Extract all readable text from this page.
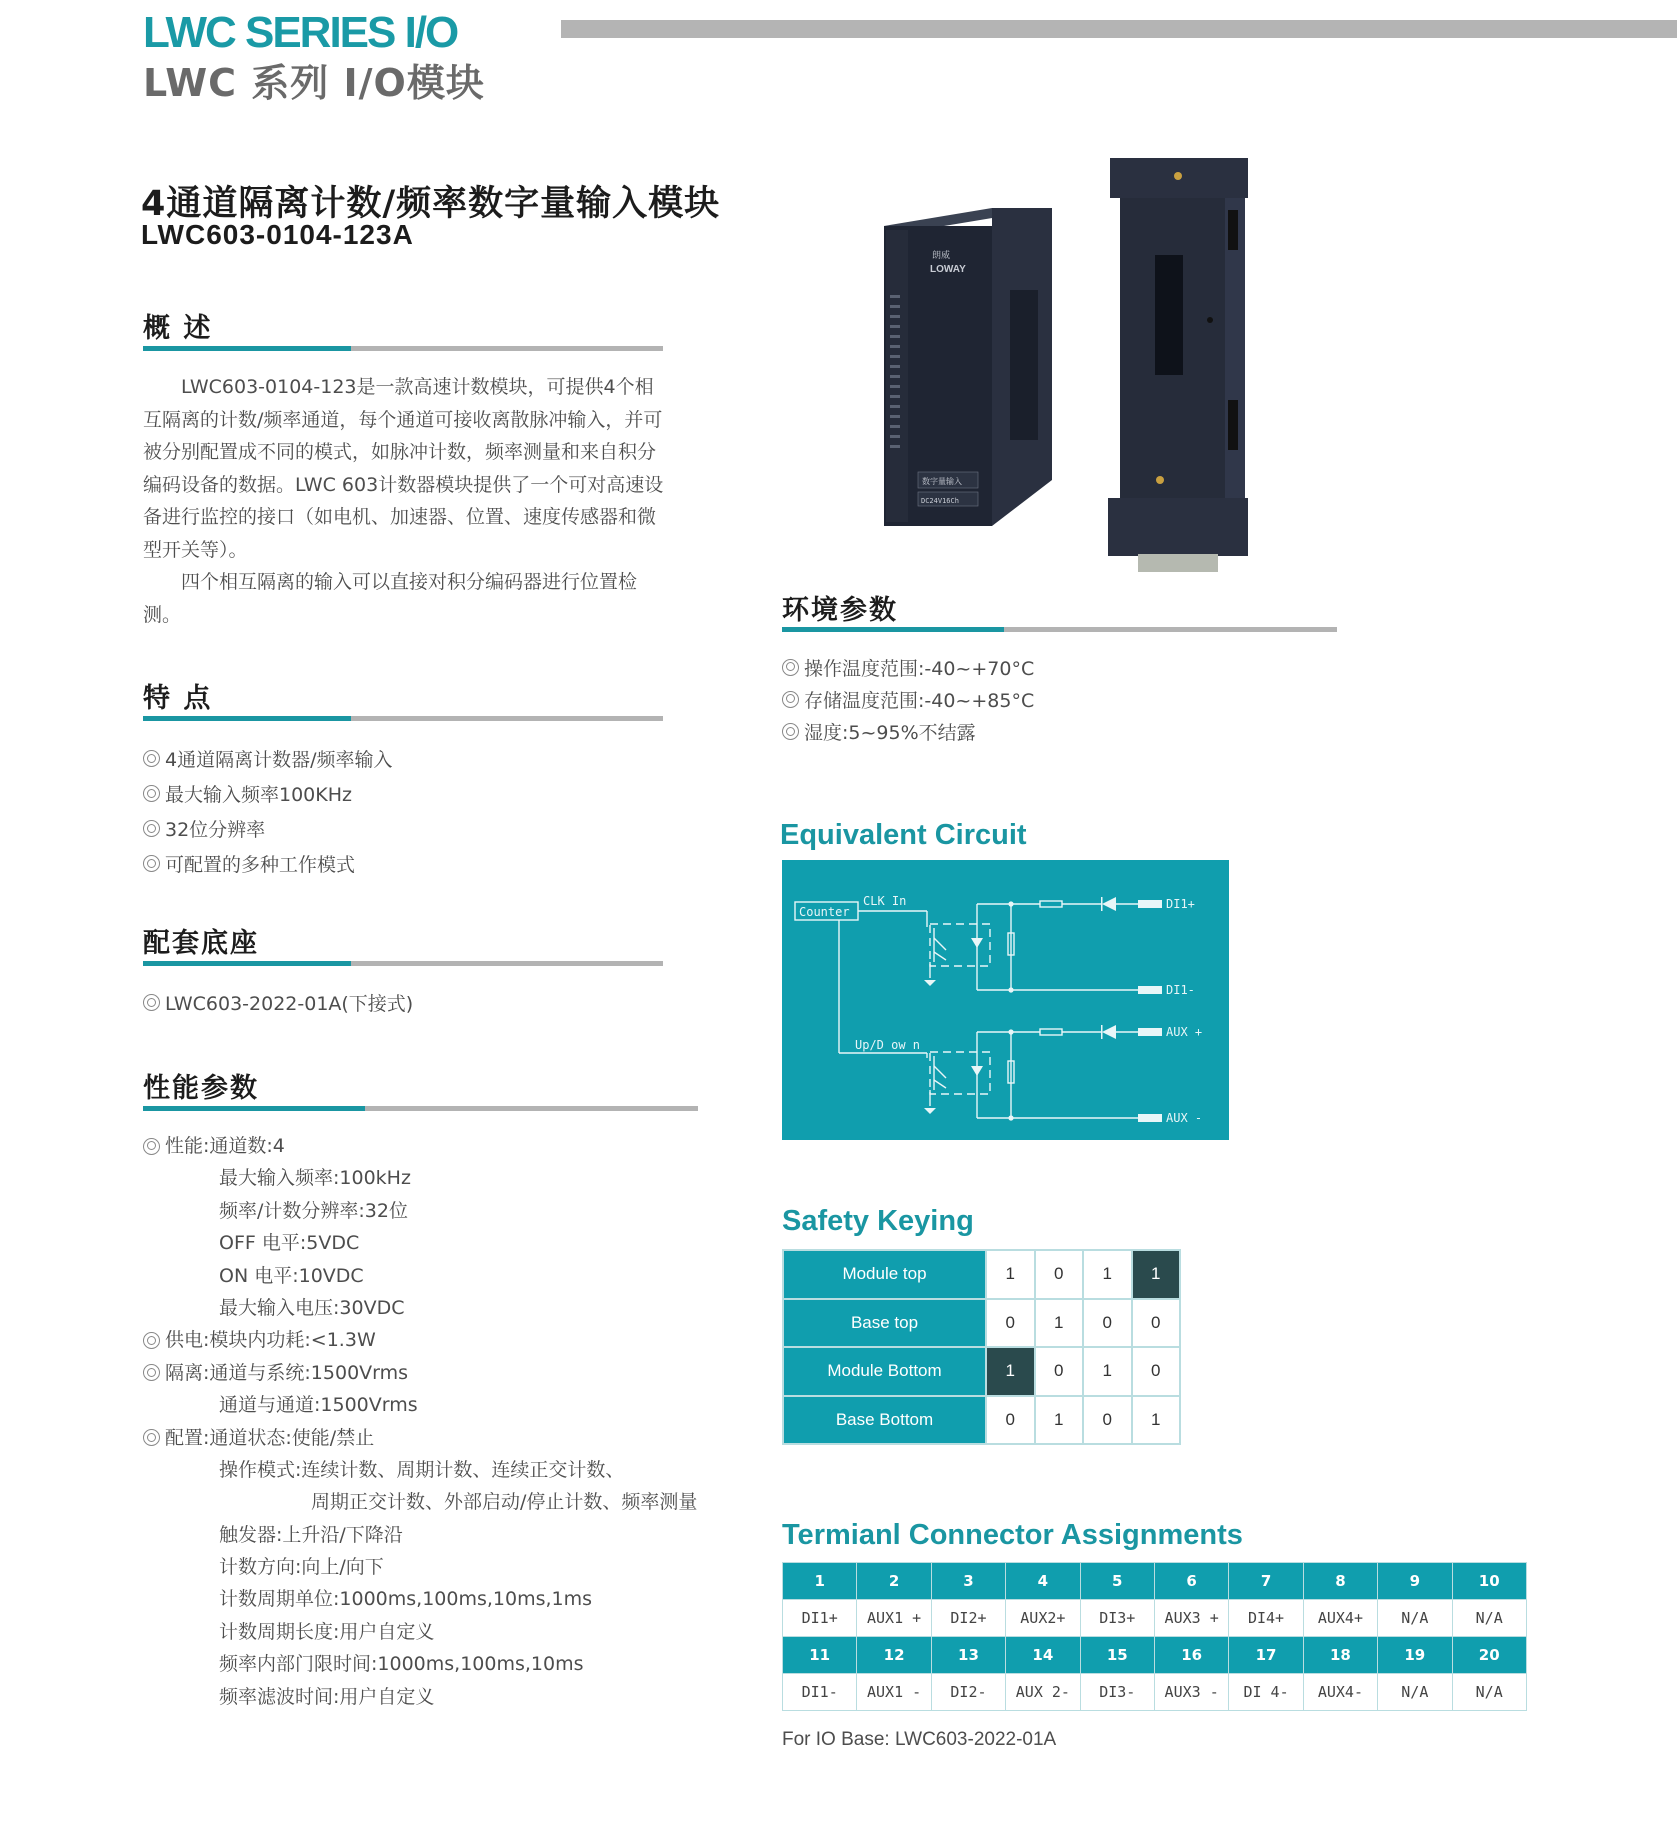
LWC SERIES I/O
LWC 系列 I/O模块
4通道隔离计数/频率数字量输入模块
LWC603-0104-123A
概 述

LWC603-0104-123是一款高速计数模块，可提供4个相互隔离的计数/频率通道，每个通道可接收离散脉冲输入，并可被分别配置成不同的模式，如脉冲计数，频率测量和来自积分编码设备的数据。LWC 603计数器模块提供了一个可对高速设备进行监控的接口（如电机、加速器、位置、速度传感器和微型开关等）。

四个相互隔离的输入可以直接对积分编码器进行位置检测。

特 点
4通道隔离计数器/频率输入
最大输入频率100KHz
32位分辨率
可配置的多种工作模式
配套底座
LWC603-2022-01A(下接式)
性能参数
性能:通道数:4
最大输入频率:100kHz
频率/计数分辨率:32位
OFF 电平:5VDC
ON 电平:10VDC
最大输入电压:30VDC
供电:模块内功耗:<1.3W
隔离:通道与系统:1500Vrms
通道与通道:1500Vrms
配置:通道状态:使能/禁止
操作模式:连续计数、周期计数、连续正交计数、
周期正交计数、外部启动/停止计数、频率测量
触发器:上升沿/下降沿
计数方向:向上/向下
计数周期单位:1000ms,100ms,10ms,1ms
计数周期长度:用户自定义
频率内部门限时间:1000ms,100ms,10ms
频率滤波时间:用户自定义
朗威
LOWAY
数字量输入
DC24V16Ch
环境参数
操作温度范围:-40~+70°C
存储温度范围:-40~+85°C
湿度:5~95%不结露
Equivalent Circuit
Counter
CLK In
Up/D ow n
DI1+
DI1-
AUX +
AUX -
Safety Keying
Module top	1	0	1	1
Base top	0	1	0	0
Module Bottom	1	0	1	0
Base Bottom	0	1	0	1
Termianl Connector Assignments
1	2	3	4	5	6	7	8	9	10
DI1+	AUX1 +	DI2+	AUX2+	DI3+	AUX3 +	DI4+	AUX4+	N/A	N/A
11	12	13	14	15	16	17	18	19	20
DI1-	AUX1 -	DI2-	AUX 2-	DI3-	AUX3 -	DI 4-	AUX4-	N/A	N/A
For IO Base: LWC603-2022-01A
